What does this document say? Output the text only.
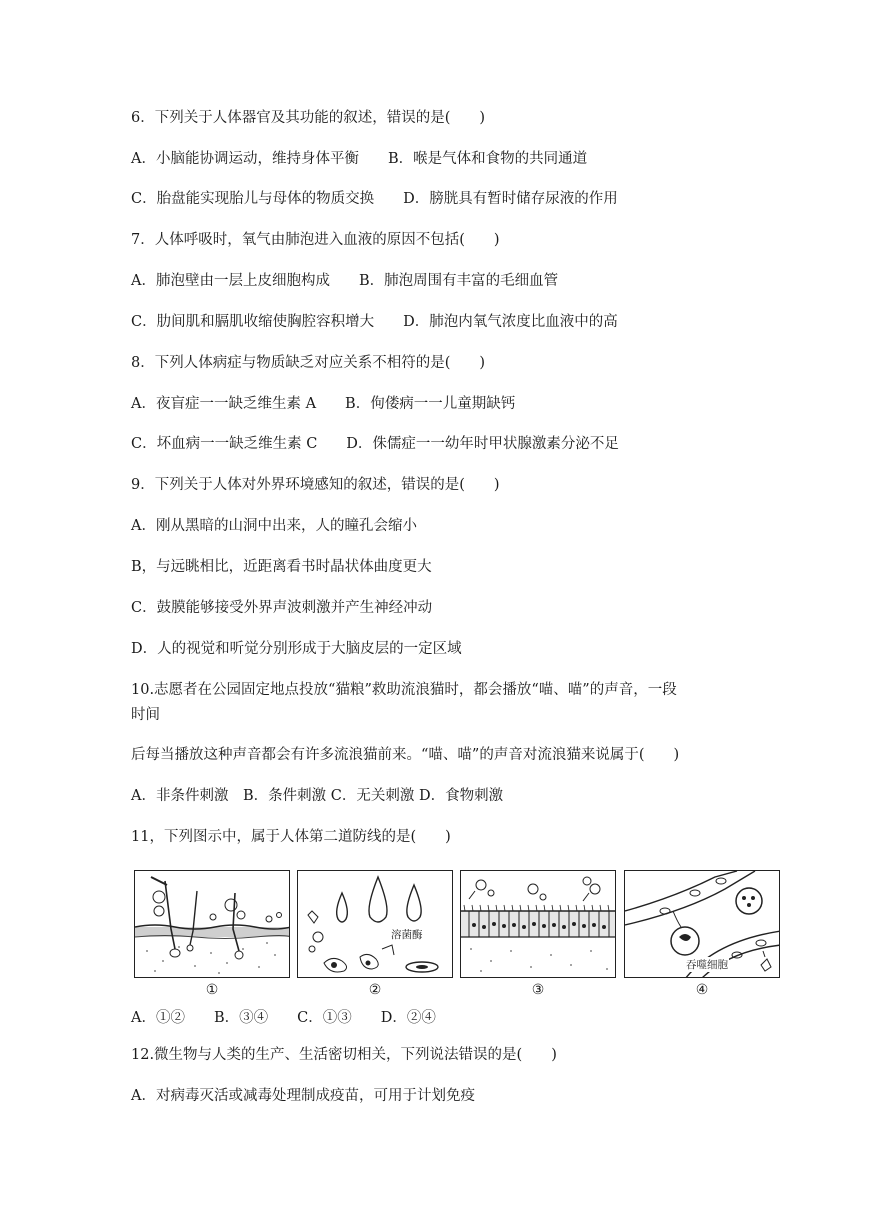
6．下列关于人体器官及其功能的叙述，错误的是(　　)
A．小脑能协调运动，维持身体平衡　　B．喉是气体和食物的共同通道
C．胎盘能实现胎儿与母体的物质交换　　D．膀胱具有暂时储存尿液的作用
7．人体呼吸时，氧气由肺泡进入血液的原因不包括(　　)
A．肺泡壁由一层上皮细胞构成　　B．肺泡周围有丰富的毛细血管
C．肋间肌和膈肌收缩使胸腔容积增大　　D．肺泡内氧气浓度比血液中的高
8．下列人体病症与物质缺乏对应关系不相符的是(　　)
A．夜盲症一一缺乏维生素 A　　B．佝偻病一一儿童期缺钙
C．坏血病一一缺乏维生素 C　　D．侏儒症一一幼年时甲状腺激素分泌不足
9．下列关于人体对外界环境感知的叙述，错误的是(　　)
A．刚从黑暗的山洞中出来，人的瞳孔会缩小
B，与远眺相比，近距离看书时晶状体曲度更大
C．鼓膜能够接受外界声波刺激并产生神经冲动
D．人的视觉和听觉分别形成于大脑皮层的一定区域
10.志愿者在公园固定地点投放“猫粮”救助流浪猫时，都会播放“喵、喵”的声音，一段
时间
后每当播放这种声音都会有许多流浪猫前来。“喵、喵”的声音对流浪猫来说属于(　　)
A．非条件刺激　B．条件刺激 C．无关刺激 D．食物刺激
11，下列图示中，属于人体第二道防线的是(　　)
A．①②　　B．③④　　C．①③　　D．②④
12.微生物与人类的生产、生活密切相关，下列说法错误的是(　　)
A．对病毒灭活或减毒处理制成疫苗，可用于计划免疫
溶菌酶
吞噬细胞
①	②	③	④
